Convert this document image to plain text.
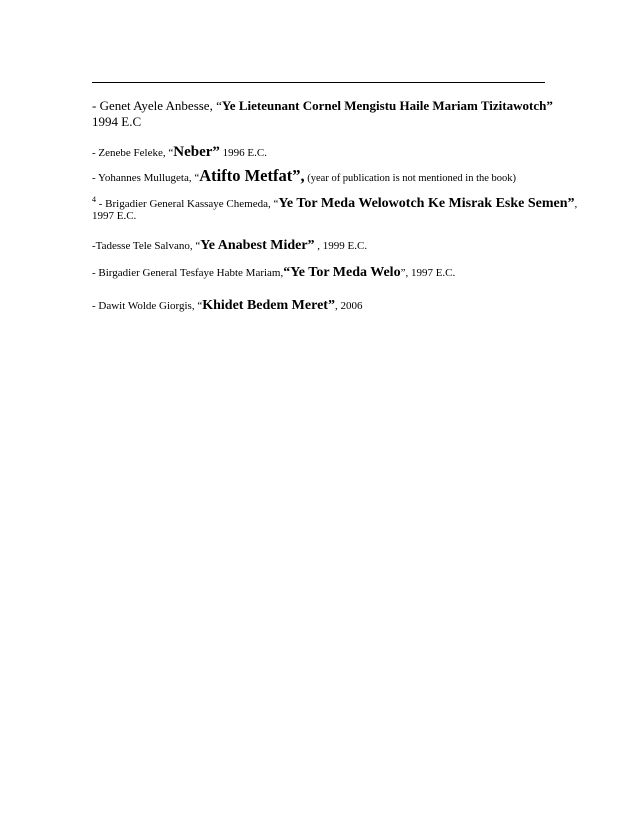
- Genet Ayele Anbesse, “Ye Lieteunant Cornel Mengistu Haile Mariam Tizitawotch”
1994 E.C
- Zenebe Feleke, “Neber” 1996 E.C.
- Yohannes Mullugeta, “Atifto Metfat”, (year of publication is not mentioned in the book)
$^4$ - Brigadier General Kassaye Chemeda, “Ye Tor Meda Welowotch Ke Misrak Eske Semen”,
1997 E.C.
-Tadesse Tele Salvano, “Ye Anabest Mider” , 1999 E.C.
- Birgadier General Tesfaye Habte Mariam,“Ye Tor Meda Welo”, 1997 E.C.
- Dawit Wolde Giorgis, “Khidet Bedem Meret”, 2006
